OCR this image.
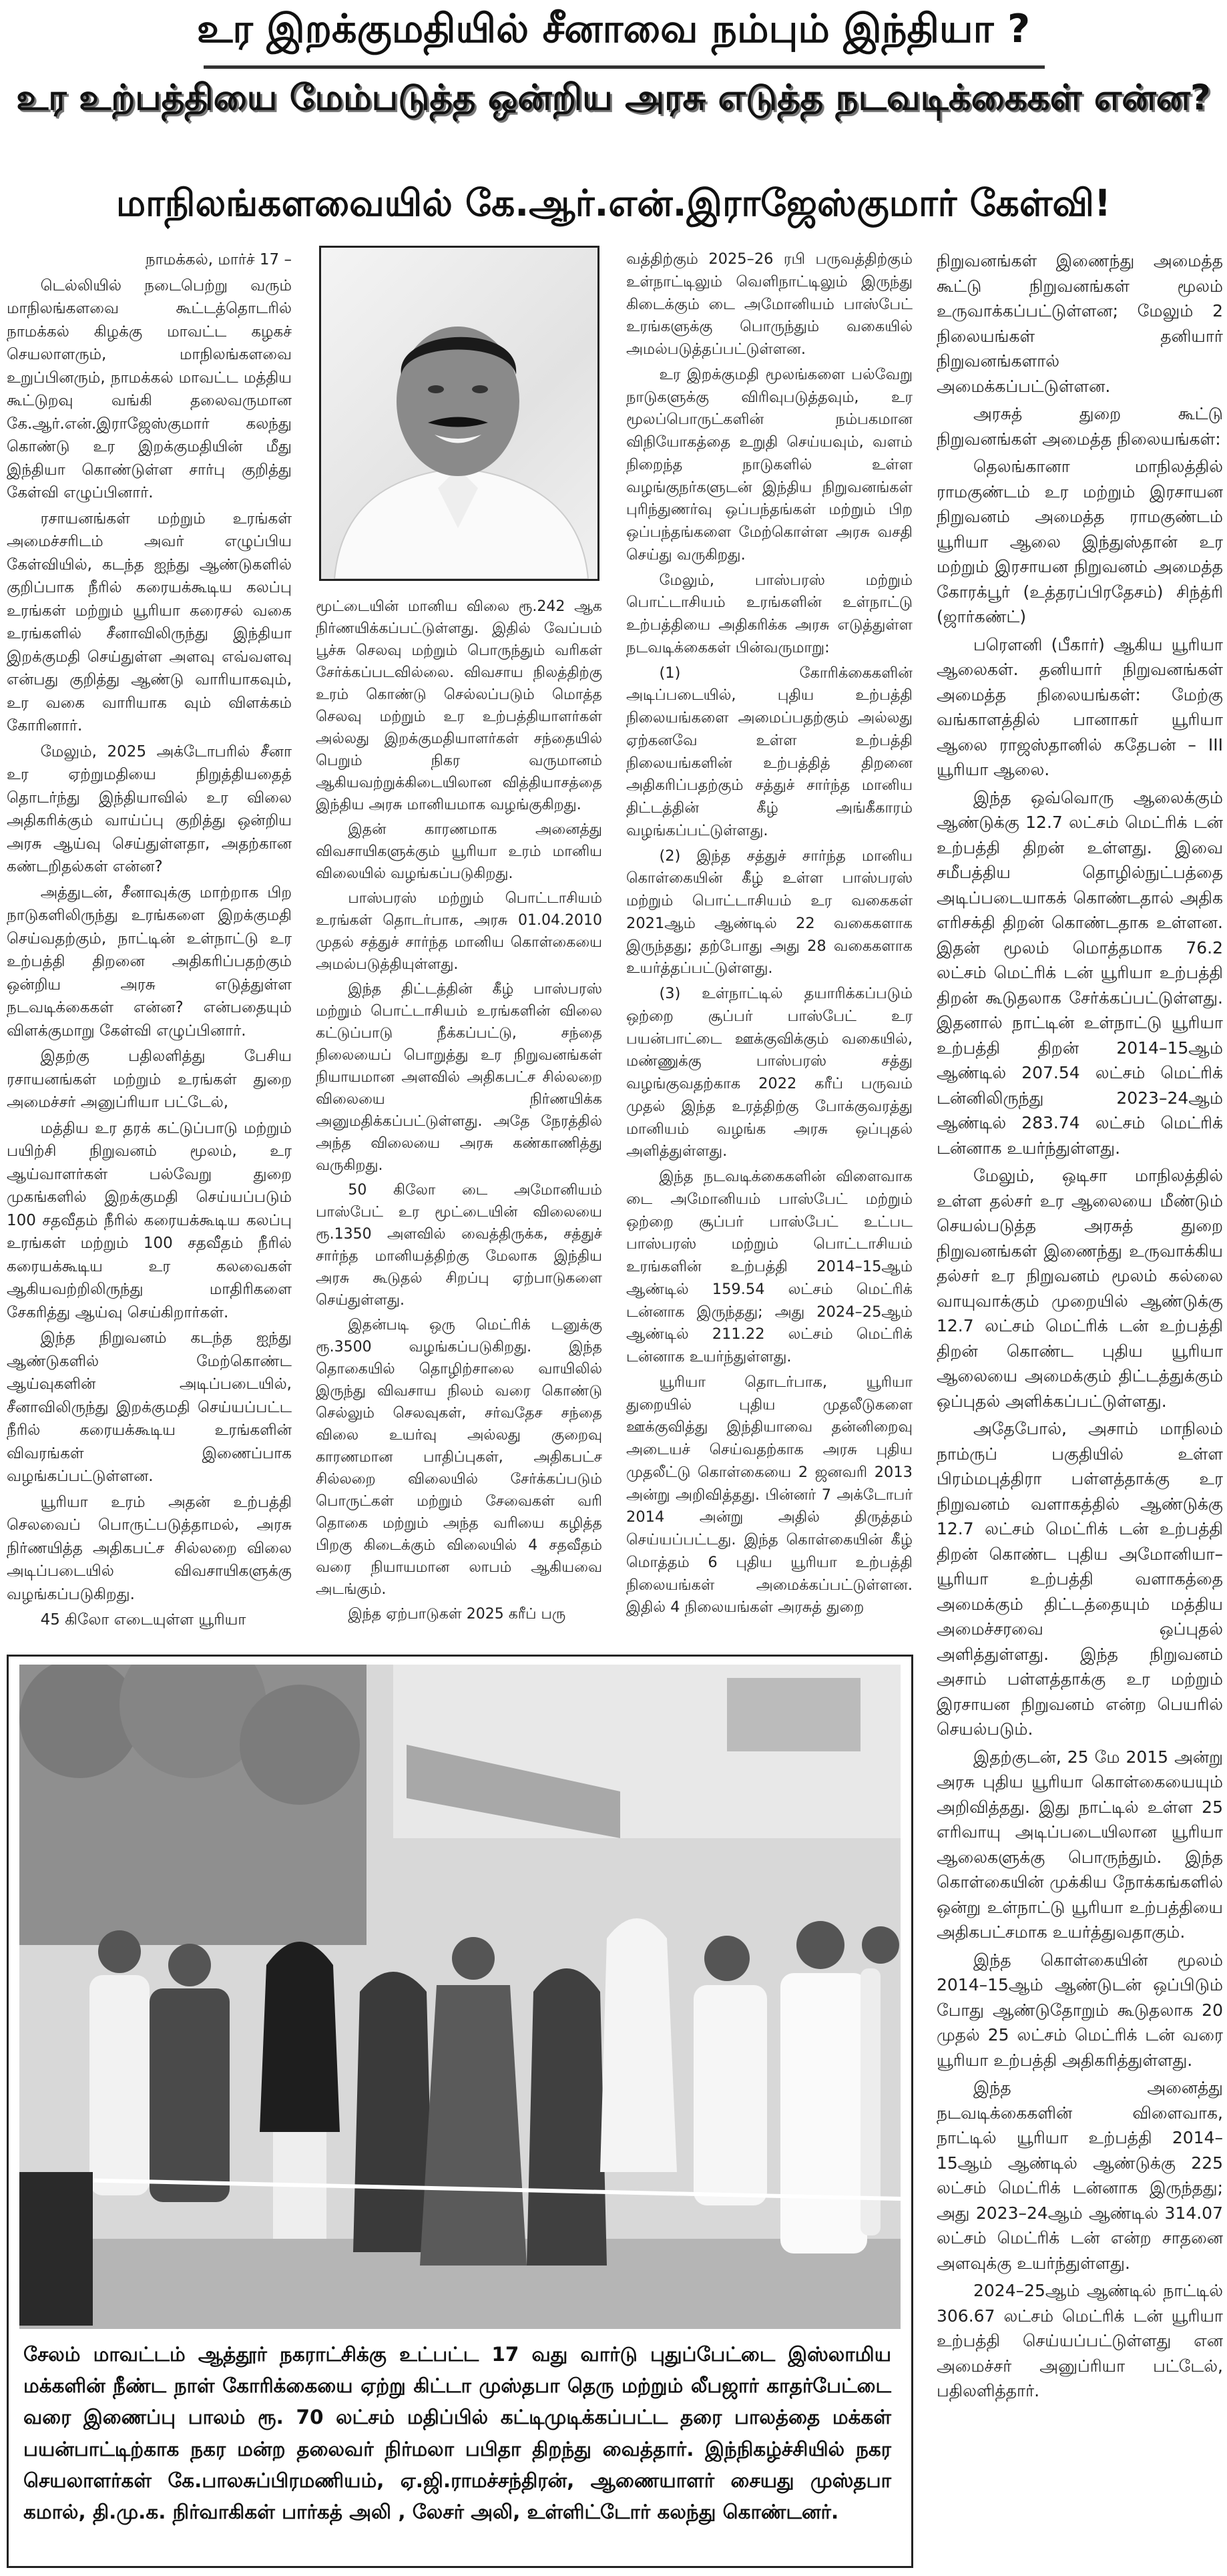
உர இறக்குமதியில் சீனாவை நம்பும் இந்தியா ?
உர உற்பத்தியை மேம்படுத்த ஒன்றிய அரசு எடுத்த நடவடிக்கைகள் என்ன?
மாநிலங்களவையில் கே.ஆர்.என்.இராஜேஸ்குமார் கேள்வி!

நாமக்கல், மார்ச் 17 –

டெல்லியில் நடைபெற்று வரும் மாநிலங்களவை கூட்டத்தொடரில் நாமக்கல் கிழக்கு மாவட்ட கழகச் செயலாளரும், மாநிலங்களவை உறுப்பினரும், நாமக்கல் மாவட்ட மத்திய கூட்டுறவு வங்கி தலைவருமான கே.ஆர்.என்.இராஜேஸ்குமார் கலந்து கொண்டு உர இறக்குமதியின் மீது இந்தியா கொண்டுள்ள சார்பு குறித்து கேள்வி எழுப்பினார்.

ரசாயனங்கள் மற்றும் உரங்கள் அமைச்சரிடம் அவர் எழுப்பிய கேள்வியில், கடந்த ஐந்து ஆண்டுகளில் குறிப்பாக நீரில் கரையக்கூடிய கலப்பு உரங்கள் மற்றும் யூரியா கரைசல் வகை உரங்களில் சீனாவிலிருந்து இந்தியா இறக்குமதி செய்துள்ள அளவு எவ்வளவு என்பது குறித்து ஆண்டு வாரியாகவும், உர வகை வாரியாக வும் விளக்கம் கோரினார்.

மேலும், 2025 அக்டோபரில் சீனா உர ஏற்றுமதியை நிறுத்தியதைத் தொடர்ந்து இந்தியாவில் உர விலை அதிகரிக்கும் வாய்ப்பு குறித்து ஒன்றிய அரசு ஆய்வு செய்துள்ளதா, அதற்கான கண்டறிதல்கள் என்ன?

அத்துடன், சீனாவுக்கு மாற்றாக பிற நாடுகளிலிருந்து உரங்களை இறக்குமதி செய்வதற்கும், நாட்டின் உள்நாட்டு உர உற்பத்தி திறனை அதிகரிப்பதற்கும் ஒன்றிய அரசு எடுத்துள்ள நடவடிக்கைகள் என்ன? என்பதையும் விளக்குமாறு கேள்வி எழுப்பினார்.

இதற்கு பதிலளித்து பேசிய ரசாயனங்கள் மற்றும் உரங்கள் துறை அமைச்சர் அனுப்ரியா பட்டேல்,

மத்திய உர தரக் கட்டுப்பாடு மற்றும் பயிற்சி நிறுவனம் மூலம், உர ஆய்வாளர்கள் பல்வேறு துறை முகங்களில் இறக்குமதி செய்யப்படும் 100 சதவீதம் நீரில் கரையக்கூடிய கலப்பு உரங்கள் மற்றும் 100 சதவீதம் நீரில் கரையக்கூடிய உர கலவைகள் ஆகியவற்றிலிருந்து மாதிரிகளை சேகரித்து ஆய்வு செய்கிறார்கள்.

இந்த நிறுவனம் கடந்த ஐந்து ஆண்டுகளில் மேற்கொண்ட ஆய்வுகளின் அடிப்படையில், சீனாவிலிருந்து இறக்குமதி செய்யப்பட்ட நீரில் கரையக்கூடிய உரங்களின் விவரங்கள் இணைப்பாக வழங்கப்பட்டுள்ளன.

யூரியா உரம் அதன் உற்பத்தி செலவைப் பொருட்படுத்தாமல், அரசு நிர்ணயித்த அதிகபட்ச சில்லறை விலை அடிப்படையில் விவசாயிகளுக்கு வழங்கப்படுகிறது.

45 கிலோ எடையுள்ள யூரியா

மூட்டையின் மானிய விலை ரூ.242 ஆக நிர்ணயிக்கப்பட்டுள்ளது. இதில் வேப்பம் பூச்சு செலவு மற்றும் பொருந்தும் வரிகள் சேர்க்கப்படவில்லை. விவசாய நிலத்திற்கு உரம் கொண்டு செல்லப்படும் மொத்த செலவு மற்றும் உர உற்பத்தியாளர்கள் அல்லது இறக்குமதியாளர்கள் சந்தையில் பெறும் நிகர வருமானம் ஆகியவற்றுக்கிடையிலான வித்தியாசத்தை இந்திய அரசு மானியமாக வழங்குகிறது.

இதன் காரணமாக அனைத்து விவசாயிகளுக்கும் யூரியா உரம் மானிய விலையில் வழங்கப்படுகிறது.

பாஸ்பரஸ் மற்றும் பொட்டாசியம் உரங்கள் தொடர்பாக, அரசு 01.04.2010 முதல் சத்துச் சார்ந்த மானிய கொள்கையை அமல்படுத்தியுள்ளது.

இந்த திட்டத்தின் கீழ் பாஸ்பரஸ் மற்றும் பொட்டாசியம் உரங்களின் விலை கட்டுப்பாடு நீக்கப்பட்டு, சந்தை நிலையைப் பொறுத்து உர நிறுவனங்கள் நியாயமான அளவில் அதிகபட்ச சில்லறை விலையை நிர்ணயிக்க அனுமதிக்கப்பட்டுள்ளது. அதே நேரத்தில் அந்த விலையை அரசு கண்காணித்து வருகிறது.

50 கிலோ டை அமோனியம் பாஸ்பேட் உர மூட்டையின் விலையை ரூ.1350 அளவில் வைத்திருக்க, சத்துச் சார்ந்த மானியத்திற்கு மேலாக இந்திய அரசு கூடுதல் சிறப்பு ஏற்பாடுகளை செய்துள்ளது.

இதன்படி ஒரு மெட்ரிக் டனுக்கு ரூ.3500 வழங்கப்படுகிறது. இந்த தொகையில் தொழிற்சாலை வாயிலில் இருந்து விவசாய நிலம் வரை கொண்டு செல்லும் செலவுகள், சர்வதேச சந்தை விலை உயர்வு அல்லது குறைவு காரணமான பாதிப்புகள், அதிகபட்ச சில்லறை விலையில் சேர்க்கப்படும் பொருட்கள் மற்றும் சேவைகள் வரி தொகை மற்றும் அந்த வரியை கழித்த பிறகு கிடைக்கும் விலையில் 4 சதவீதம் வரை நியாயமான லாபம் ஆகியவை அடங்கும்.

இந்த ஏற்பாடுகள் 2025 கரீப் பரு

வத்திற்கும் 2025–26 ரபி பருவத்திற்கும் உள்நாட்டிலும் வெளிநாட்டிலும் இருந்து கிடைக்கும் டை அமோனியம் பாஸ்பேட் உரங்களுக்கு பொருந்தும் வகையில் அமல்படுத்தப்பட்டுள்ளன.

உர இறக்குமதி மூலங்களை பல்வேறு நாடுகளுக்கு விரிவுபடுத்தவும், உர மூலப்பொருட்களின் நம்பகமான விநியோகத்தை உறுதி செய்யவும், வளம் நிறைந்த நாடுகளில் உள்ள வழங்குநர்களுடன் இந்திய நிறுவனங்கள் புரிந்துணர்வு ஒப்பந்தங்கள் மற்றும் பிற ஒப்பந்தங்களை மேற்கொள்ள அரசு வசதி செய்து வருகிறது.

மேலும், பாஸ்பரஸ் மற்றும் பொட்டாசியம் உரங்களின் உள்நாட்டு உற்பத்தியை அதிகரிக்க அரசு எடுத்துள்ள நடவடிக்கைகள் பின்வருமாறு:

(1) கோரிக்கைகளின் அடிப்படையில், புதிய உற்பத்தி நிலையங்களை அமைப்பதற்கும் அல்லது ஏற்கனவே உள்ள உற்பத்தி நிலையங்களின் உற்பத்தித் திறனை அதிகரிப்பதற்கும் சத்துச் சார்ந்த மானிய திட்டத்தின் கீழ் அங்கீகாரம் வழங்கப்பட்டுள்ளது.

(2) இந்த சத்துச் சார்ந்த மானிய கொள்கையின் கீழ் உள்ள பாஸ்பரஸ் மற்றும் பொட்டாசியம் உர வகைகள் 2021ஆம் ஆண்டில் 22 வகைகளாக இருந்தது; தற்போது அது 28 வகைகளாக உயர்த்தப்பட்டுள்ளது.

(3) உள்நாட்டில் தயாரிக்கப்படும் ஒற்றை சூப்பர் பாஸ்பேட் உர பயன்பாட்டை ஊக்குவிக்கும் வகையில், மண்ணுக்கு பாஸ்பரஸ் சத்து வழங்குவதற்காக 2022 கரீப் பருவம் முதல் இந்த உரத்திற்கு போக்குவரத்து மானியம் வழங்க அரசு ஒப்புதல் அளித்துள்ளது.

இந்த நடவடிக்கைகளின் விளைவாக டை அமோனியம் பாஸ்பேட் மற்றும் ஒற்றை சூப்பர் பாஸ்பேட் உட்பட பாஸ்பரஸ் மற்றும் பொட்டாசியம் உரங்களின் உற்பத்தி 2014–15ஆம் ஆண்டில் 159.54 லட்சம் மெட்ரிக் டன்னாக இருந்தது; அது 2024–25ஆம் ஆண்டில் 211.22 லட்சம் மெட்ரிக் டன்னாக உயர்ந்துள்ளது.

யூரியா தொடர்பாக, யூரியா துறையில் புதிய முதலீடுகளை ஊக்குவித்து இந்தியாவை தன்னிறைவு அடையச் செய்வதற்காக அரசு புதிய முதலீட்டு கொள்கையை 2 ஜனவரி 2013 அன்று அறிவித்தது. பின்னர் 7 அக்டோபர் 2014 அன்று அதில் திருத்தம் செய்யப்பட்டது. இந்த கொள்கையின் கீழ் மொத்தம் 6 புதிய யூரியா உற்பத்தி நிலையங்கள் அமைக்கப்பட்டுள்ளன. இதில் 4 நிலையங்கள் அரசுத் துறை

நிறுவனங்கள் இணைந்து அமைத்த கூட்டு நிறுவனங்கள் மூலம் உருவாக்கப்பட்டுள்ளன; மேலும் 2 நிலையங்கள் தனியார் நிறுவனங்களால் அமைக்கப்பட்டுள்ளன.

அரசுத் துறை கூட்டு நிறுவனங்கள் அமைத்த நிலையங்கள்:

தெலங்கானா மாநிலத்தில் ராமகுண்டம் உர மற்றும் இரசாயன நிறுவனம் அமைத்த ராமகுண்டம் யூரியா ஆலை இந்துஸ்தான் உர மற்றும் இரசாயன நிறுவனம் அமைத்த கோரக்பூர் (உத்தரப்பிரதேசம்) சிந்த்ரி (ஜார்கண்ட்)

பரௌனி (பீகார்) ஆகிய யூரியா ஆலைகள். தனியார் நிறுவனங்கள் அமைத்த நிலையங்கள்: மேற்கு வங்காளத்தில் பானாகர் யூரியா ஆலை ராஜஸ்தானில் கதேபன் – III யூரியா ஆலை.

இந்த ஒவ்வொரு ஆலைக்கும் ஆண்டுக்கு 12.7 லட்சம் மெட்ரிக் டன் உற்பத்தி திறன் உள்ளது. இவை சமீபத்திய தொழில்நுட்பத்தை அடிப்படையாகக் கொண்டதால் அதிக எரிசக்தி திறன் கொண்டதாக உள்ளன. இதன் மூலம் மொத்தமாக 76.2 லட்சம் மெட்ரிக் டன் யூரியா உற்பத்தி திறன் கூடுதலாக சேர்க்கப்பட்டுள்ளது. இதனால் நாட்டின் உள்நாட்டு யூரியா உற்பத்தி திறன் 2014–15ஆம் ஆண்டில் 207.54 லட்சம் மெட்ரிக் டன்னிலிருந்து 2023–24ஆம் ஆண்டில் 283.74 லட்சம் மெட்ரிக் டன்னாக உயர்ந்துள்ளது.

மேலும், ஒடிசா மாநிலத்தில் உள்ள தல்சர் உர ஆலையை மீண்டும் செயல்படுத்த அரசுத் துறை நிறுவனங்கள் இணைந்து உருவாக்கிய தல்சர் உர நிறுவனம் மூலம் கல்லை வாயுவாக்கும் முறையில் ஆண்டுக்கு 12.7 லட்சம் மெட்ரிக் டன் உற்பத்தி திறன் கொண்ட புதிய யூரியா ஆலையை அமைக்கும் திட்டத்துக்கும் ஒப்புதல் அளிக்கப்பட்டுள்ளது.

அதேபோல், அசாம் மாநிலம் நாம்ருப் பகுதியில் உள்ள பிரம்மபுத்திரா பள்ளத்தாக்கு உர நிறுவனம் வளாகத்தில் ஆண்டுக்கு 12.7 லட்சம் மெட்ரிக் டன் உற்பத்தி திறன் கொண்ட புதிய அமோனியா–யூரியா உற்பத்தி வளாகத்தை அமைக்கும் திட்டத்தையும் மத்திய அமைச்சரவை ஒப்புதல் அளித்துள்ளது. இந்த நிறுவனம் அசாம் பள்ளத்தாக்கு உர மற்றும் இரசாயன நிறுவனம் என்ற பெயரில் செயல்படும்.

இதற்குடன், 25 மே 2015 அன்று அரசு புதிய யூரியா கொள்கையையும் அறிவித்தது. இது நாட்டில் உள்ள 25 எரிவாயு அடிப்படையிலான யூரியா ஆலைகளுக்கு பொருந்தும். இந்த கொள்கையின் முக்கிய நோக்கங்களில் ஒன்று உள்நாட்டு யூரியா உற்பத்தியை அதிகபட்சமாக உயர்த்துவதாகும்.

இந்த கொள்கையின் மூலம் 2014–15ஆம் ஆண்டுடன் ஒப்பிடும் போது ஆண்டுதோறும் கூடுதலாக 20 முதல் 25 லட்சம் மெட்ரிக் டன் வரை யூரியா உற்பத்தி அதிகரித்துள்ளது.

இந்த அனைத்து நடவடிக்கைகளின் விளைவாக, நாட்டில் யூரியா உற்பத்தி 2014–15ஆம் ஆண்டில் ஆண்டுக்கு 225 லட்சம் மெட்ரிக் டன்னாக இருந்தது; அது 2023–24ஆம் ஆண்டில் 314.07 லட்சம் மெட்ரிக் டன் என்ற சாதனை அளவுக்கு உயர்ந்துள்ளது.

2024–25ஆம் ஆண்டில் நாட்டில் 306.67 லட்சம் மெட்ரிக் டன் யூரியா உற்பத்தி செய்யப்பட்டுள்ளது என அமைச்சர் அனுப்ரியா பட்டேல், பதிலளித்தார்.

சேலம் மாவட்டம் ஆத்தூர் நகராட்சிக்கு உட்பட்ட 17 வது வார்டு புதுப்பேட்டை இஸ்லாமிய மக்களின் நீண்ட நாள் கோரிக்கையை ஏற்று கிட்டா முஸ்தபா தெரு மற்றும் லீபஜார் காதர்பேட்டை வரை இணைப்பு பாலம் ரூ. 70 லட்சம் மதிப்பில் கட்டிமுடிக்கப்பட்ட தரை பாலத்தை மக்கள் பயன்பாட்டிற்காக நகர மன்ற தலைவர் நிர்மலா பபிதா திறந்து வைத்தார். இந்நிகழ்ச்சியில் நகர செயலாளர்கள் கே.பாலசுப்பிரமணியம், ஏ.ஜி.ராமச்சந்திரன், ஆணையாளர் சையது முஸ்தபா கமால், தி.மு.க. நிர்வாகிகள் பார்கத் அலி , லேசர் அலி, உள்ளிட்டோர் கலந்து கொண்டனர்.
